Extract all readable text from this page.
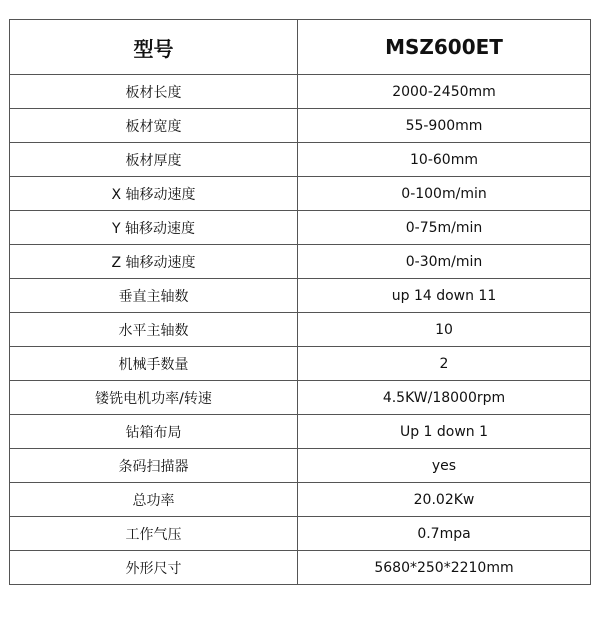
型号	MSZ600ET
板材长度	2000-2450mm
板材宽度	55-900mm
板材厚度	10-60mm
X 轴移动速度	0-100m/min
Y 轴移动速度	0-75m/min
Z 轴移动速度	0-30m/min
垂直主轴数	up 14 down 11
水平主轴数	10
机械手数量	2
镂铣电机功率/转速	4.5KW/18000rpm
钻箱布局	Up 1 down 1
条码扫描器	yes
总功率	20.02Kw
工作气压	0.7mpa
外形尺寸	5680*250*2210mm
